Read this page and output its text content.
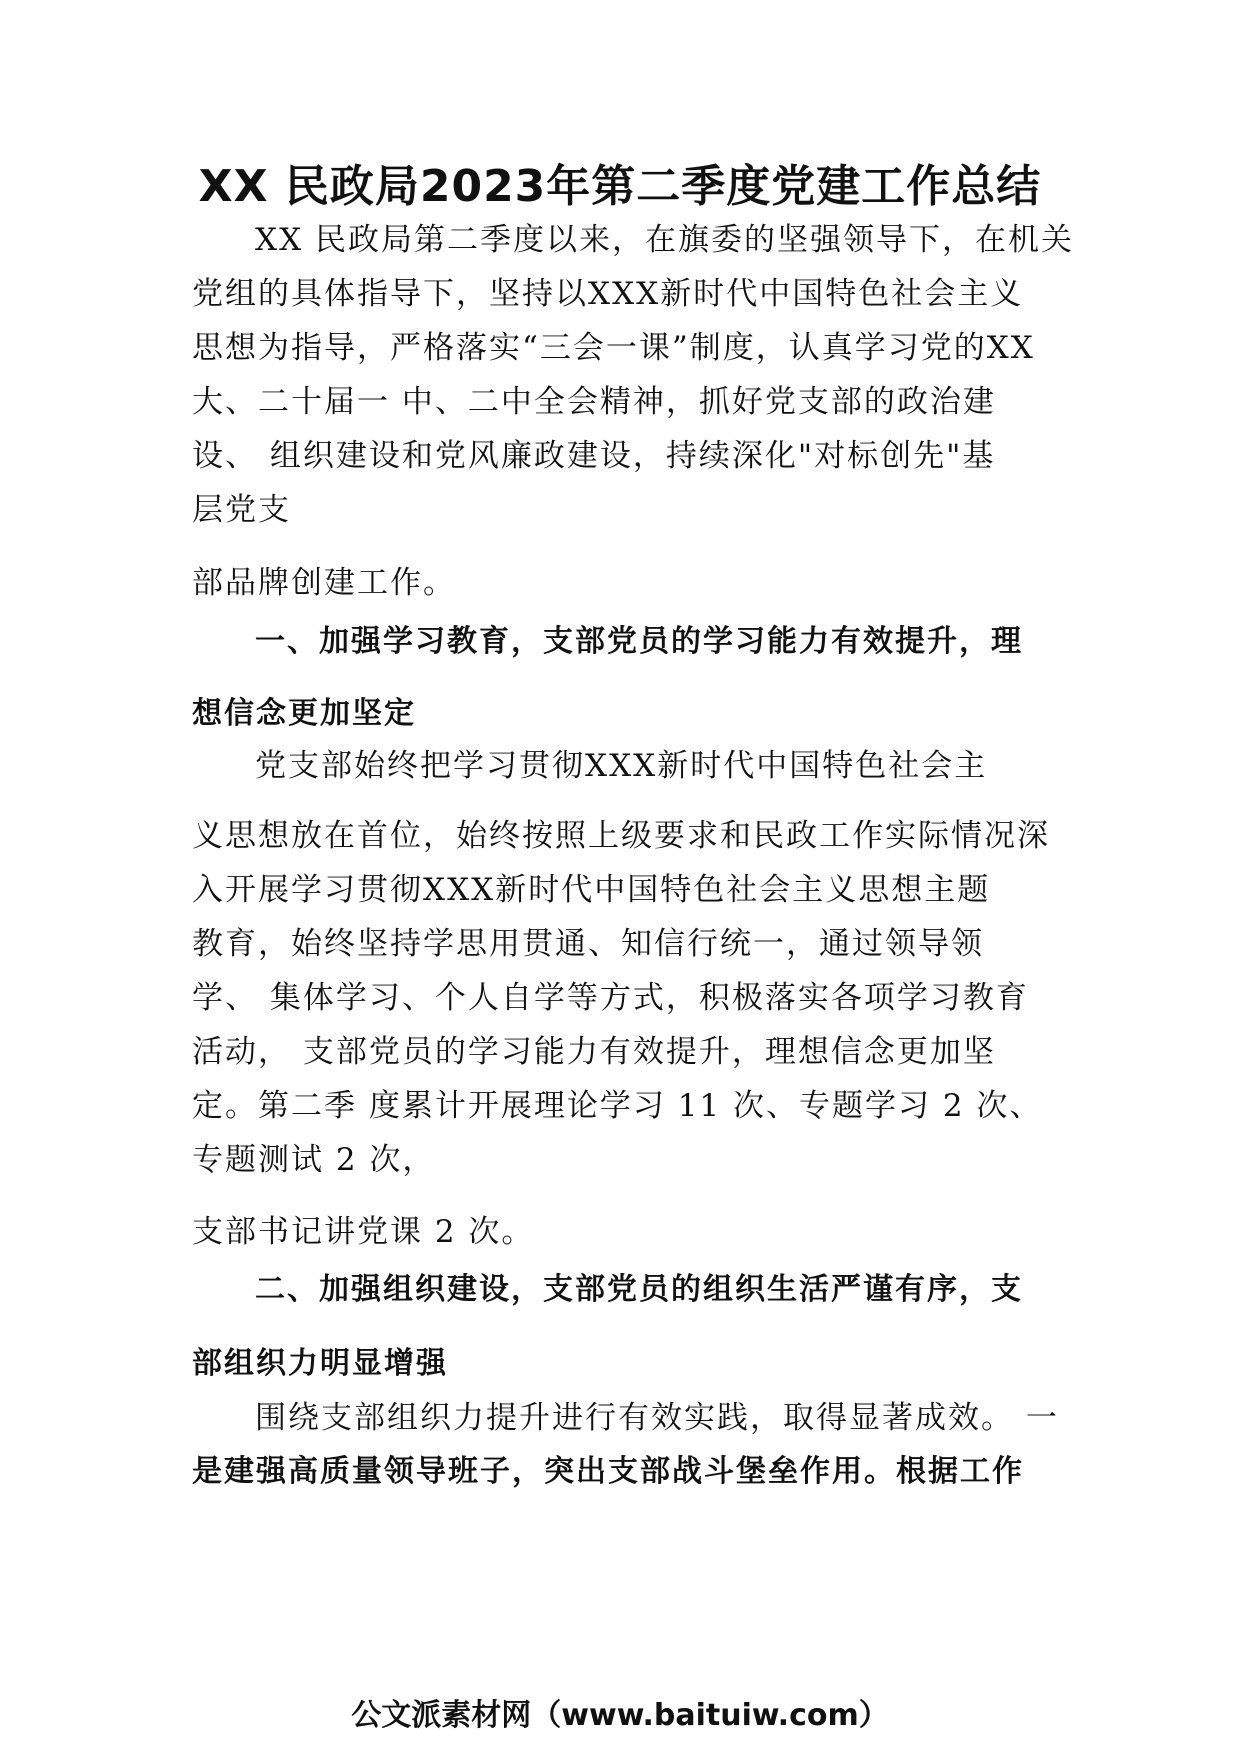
XX 民政局2023年第二季度党建工作总结
XX 民政局第二季度以来，在旗委的坚强领导下，在机关
党组的具体指导下，坚持以XXX新时代中国特色社会主义
思想为指导，严格落实“三会一课”制度，认真学习党的XX
大、二十届一 中、二中全会精神，抓好党支部的政治建
设、 组织建设和党风廉政建设，持续深化"对标创先"基
层党支
部品牌创建工作。
一、加强学习教育，支部党员的学习能力有效提升，理
想信念更加坚定
党支部始终把学习贯彻XXX新时代中国特色社会主
义思想放在首位，始终按照上级要求和民政工作实际情况深
入开展学习贯彻XXX新时代中国特色社会主义思想主题
教育，始终坚持学思用贯通、知信行统一，通过领导领
学、 集体学习、个人自学等方式，积极落实各项学习教育
活动， 支部党员的学习能力有效提升，理想信念更加坚
定。第二季 度累计开展理论学习 11 次、专题学习 2 次、
专题测试 2 次，
支部书记讲党课 2 次。
二、加强组织建设，支部党员的组织生活严谨有序，支
部组织力明显增强
围绕支部组织力提升进行有效实践，取得显著成效。 一
是建强高质量领导班子，突出支部战斗堡垒作用。根据工作
公文派素材网（www.baituiw.com）
